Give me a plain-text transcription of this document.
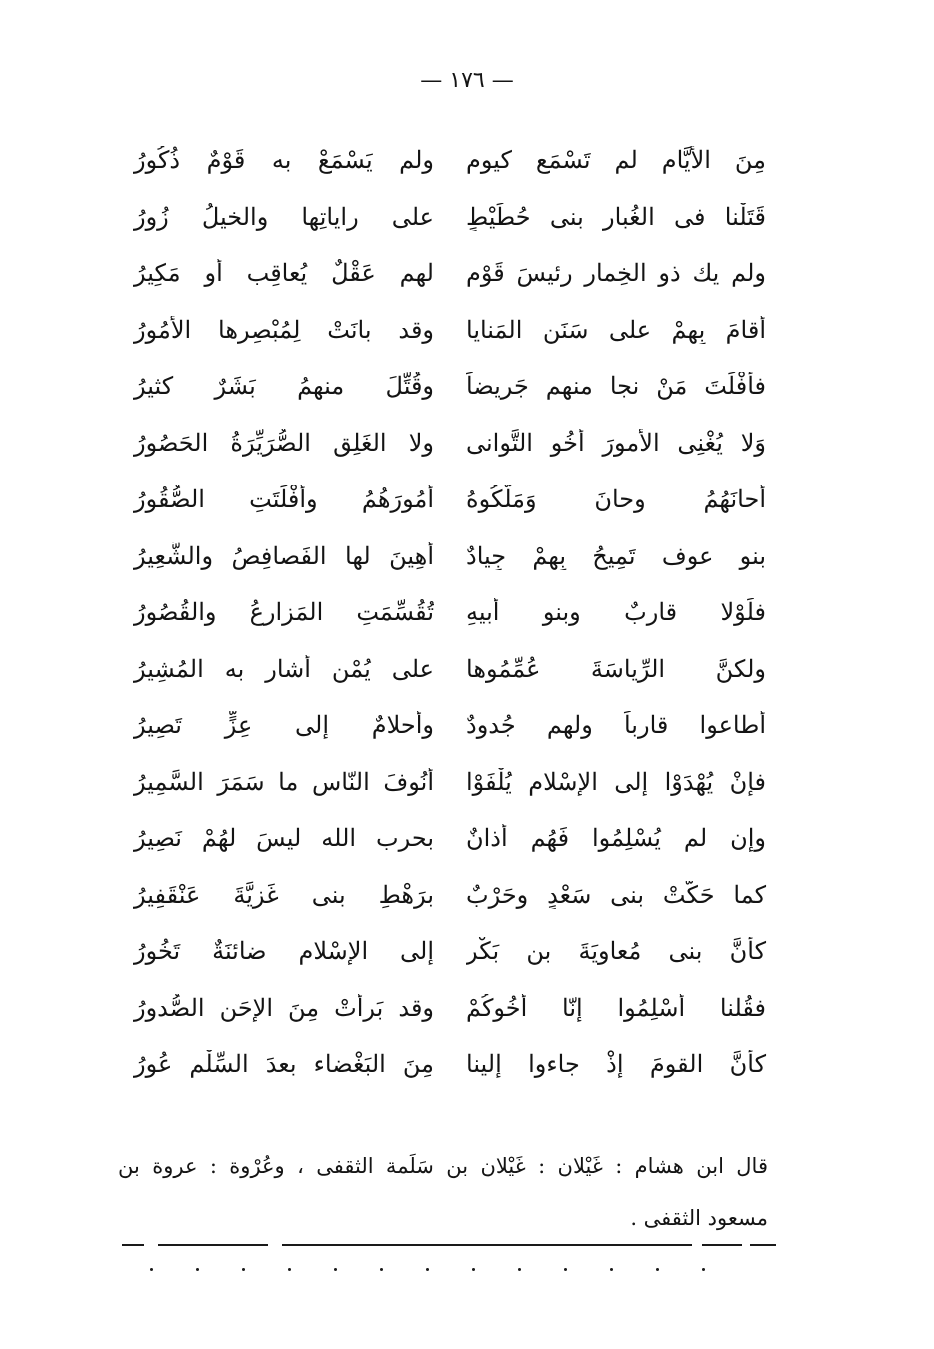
— ١٧٦ —
مِنَ الأيَّام لم تَسْمَع كيومٍ
ولم يَسْمَعْ به قَوْمٌ ذُكُورُ
قَتَلْنا فى الغُبار بنى حُطَيْطٍ
على راياتِها والخيلُ زُورُ
ولم يك ذو الخِمار رئيسَ قَوْمٍ
لهم عَقْلٌ يُعاقِب أو مَكِيرُ
أقامَ بِهِمْ على سَنَنِ المَنايا
وقد بانَتْ لِمُبْصِرِها الأُمُورُ
فأفْلَتَ مَنْ نجا منهم جَرِيضاً
وقُتِّلَ منهمُ بَشَرٌ كثيرُ
وَلا يُغْنِى الأُمورَ أخُو التَّوانى
ولا الغَلِق الصُّرَيِّرَةُ الحَصُورُ
أحانَهُمُ وحانَ وَمَلَّكُوهُ
أُمُورَهُمُ وأفْلَتَتِ الصُّقُورُ
بنو عوف تَمِيحُ بِهِمْ جِيادٌ
أُهِينَ لها الفَصافِصُ والشَّعِيرُ
فلَوْلا قارِبٌ وبنو أبيهِ
تُقُسِّمَتِ المَزارِعُ والقُصُورُ
ولكنَّ الرِّياسَةَ عُمِّمُوها
على يُمْنٍ أشار به المُشِيرُ
أطاعوا قارِباً ولهم جُدودٌ
وأحلامٌ إلى عِزٍّ تَصِيرُ
فإنْ يُهْدَوْا إلى الإسْلامِ يُلْفَوْا
أُنُوفَ النّاسِ ما سَمَرَ السَّمِيرُ
وإن لم يُسْلِمُوا فَهُم أذانٌ
بحرب الله ليسَ لهُمْ نَصِيرُ
كما حَكَّتْ بنى سَعْدٍ وحَرْبٌ
برَهْطِ بنى غَزِيَّةَ عَنْقَفِيرُ
كأنَّ بنى مُعاوِيَةَ بنِ بَكْرٍ
إلى الإسْلامِ ضائنَةٌ تَخُورُ
فقُلنا أسْلِمُوا إنّا أخُوكُمْ
وقد بَرِأتْ مِنَ الإحَنِ الصُّدورُ
كأنَّ القومَ إذْ جاءوا إلينا
مِنَ البَغْضاء بعدَ السِّلْمِ عُورُ
قال ابن هشام : غَيْلان : غَيْلان بن سَلَمة الثقفى ، وعُرْوة : عروة بن
مسعود الثقفى .
